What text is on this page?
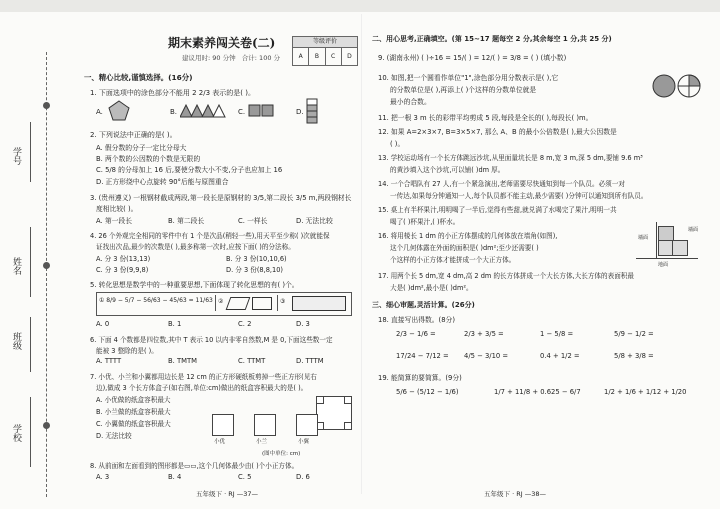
学号
姓名
班级
学校
期末素养闯关卷(二)
建议用时: 90 分钟 合计: 100 分
等级评价
A	B	C	D
一、精心比较,谨慎选择。(16分)
1. 下面选项中的涂色部分不能用 2 2/3 表示的是( )。
A.	B.	C.	D.
2. 下列说法中正确的是( )。
A. 假分数的分子一定比分母大
B. 两个数的公因数的个数是无限的
C. 5/8 的分母加上 16 后,要使分数大小不变,分子也应加上 16
D. 正方形绕中心点旋转 90°后能与原图重合
3. (贵州遵义) 一根钢材截成两段,第一段长是原钢材的 3/5,第二段长 3/5 m,两段钢材长
度相比较( )。
A. 第一段长	B. 第二段长	C. 一样长	D. 无法比较
4. 26 个外观完全相同的零件中有 1 个是次品(稍轻一些),用天平至少称( )次就能保
证找出次品,最少的次数是( ),最多称第一次时,应按下面( )的分法称。
A. 分 3 份(13,13)	B. 分 3 份(10,10,6)
C. 分 3 份(9,9,8)	D. 分 3 份(8,8,10)
5. 转化思想是数学中的一种重要思想,下面体现了转化思想的有( )个。
① 8/9 − 5/7 − 56/63 − 45/63 = 11/63 ②	③
A. 0	B. 1	C. 2	D. 3
6. 下面 4 个数都是四位数,其中 T 表示 10 以内非零自然数,M 是 0,下面这些数一定
能被 3 整除的是( )。
A. TTTT	B. TMTM	C. TTMT	D. TTTM
7. 小优、小兰和小翼都用边长是 12 cm 的正方形硬纸板剪掉一些正方形(见右
边),做成 3 个长方体盒子(如右图,单位:cm)做出的纸盒容积最大的是( )。
A. 小优做的纸盒容积最大
B. 小兰做的纸盒容积最大
C. 小翼做的纸盒容积最大
D. 无法比较
小优	小兰	小翼
(图中单位: cm)
8. 从前面和左面看到的图形都是▭▭,这个几何体最少由( )个小正方体。
A. 3	B. 4	C. 5	D. 6
五年级下 · RJ —37—
二、用心思考,正确填空。(第 15~17 题每空 2 分,其余每空 1 分,共 25 分)
9. (湖南永州) ( )÷16 = 15/( ) = 12/( ) = 3/8 = ( ) (填小数)
10. 如图,把一个圆看作单位"1",涂色部分用分数表示是( ),它
的分数单位是( ),再添上( )个这样的分数单位就是
最小的合数。
11. 把一根 3 m 长的彩带平均剪成 5 段,每段是全长的( ),每段长( )m。
12. 如果 A=2×3×7, B=3×5×7, 那么 A、B 的最小公倍数是( ),最大公因数是
( )。
13. 学校运动场有一个长方体跳远沙坑,从里面量坑长是 8 m,宽 3 m,深 5 dm,要铺 9.6 m³
的黄沙填入这个沙坑,可以铺( )dm 厚。
14. 一个合唱队有 27 人,有一个紧急演出,老师需要尽快通知到每一个队员。必须一对
一传达,如果每分钟通知一人,每个队员都不能主动,最少需要( )分钟可以通知到所有队员。
15. 桌上有半杯果汁,明明喝了一半后,觉得有些甜,就兑满了水喝完了果汁,明明一共
喝了( )杯果汁,( )杯水。
16. 将用棱长 1 dm 的小正方体摆成的几何体放在墙角(如图),
这个几何体露在外面的面积是( )dm²;至少还需要( )
个这样的小正方体才能拼成一个大正方体。
墙面
地面
墙面
17. 用两个长 5 dm,宽 4 dm,高 2 dm 的长方体拼成一个大长方体,大长方体的表面积最
大是( )dm²,最小是( )dm²。
三、细心审题,灵活计算。(26分)
18. 直接写出得数。(8分)
2/3 − 1/6 =	2/3 + 3/5 =	1 − 5/8 =	5/9 − 1/2 =
17/24 − 7/12 = 4/5 − 3/10 =	0.4 + 1/2 =	5/8 + 3/8 =
19. 能简算的要简算。(9分)
5/6 − (5/12 − 1/6)	1/7 + 11/8 + 0.625 − 6/7	1/2 + 1/6 + 1/12 + 1/20
五年级下 · RJ —38—
